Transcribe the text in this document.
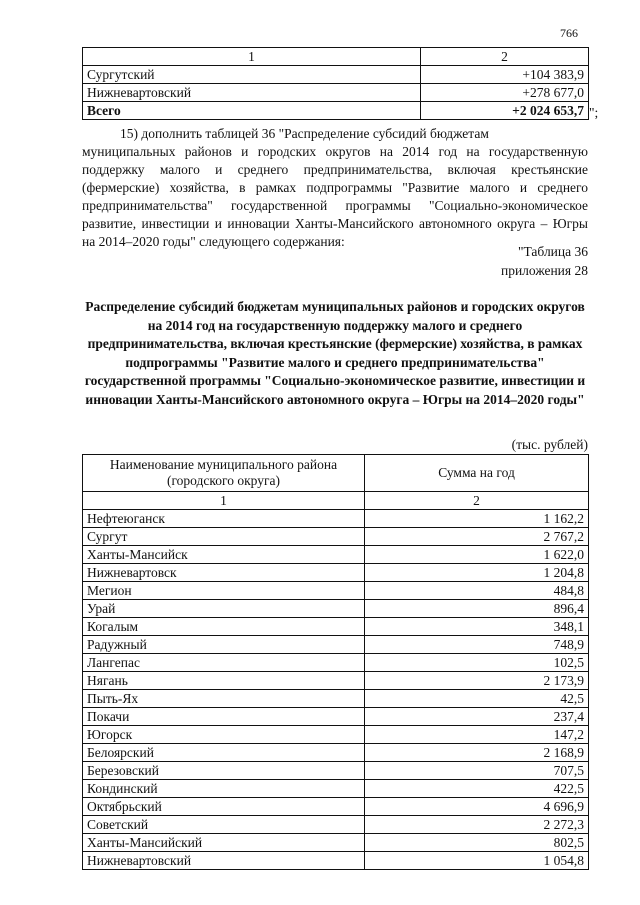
766
1	2
Сургутский	+104 383,9
Нижневартовский	+278 677,0
Всего	+2 024 653,7 ";

15) дополнить таблицей 36 "Распределение субсидий бюджетам

муниципальных районов и городских округов на 2014 год на государственную поддержку малого и среднего предпринимательства, включая крестьянские (фермерские) хозяйства, в рамках подпрограммы "Развитие малого и среднего предпринимательства" государственной программы "Социально-экономическое развитие, инвестиции и инновации Ханты-Мансийского автономного округа – Югры на 2014–2020 годы" следующего содержания:

"Таблица 36
приложения 28
Распределение субсидий бюджетам муниципальных районов и городских округов на 2014 год на государственную поддержку малого и среднего предпринимательства, включая крестьянские (фермерские) хозяйства, в рамках подпрограммы "Развитие малого и среднего предпринимательства" государственной программы "Социально-экономическое развитие, инвестиции и инновации Ханты-Мансийского автономного округа – Югры на 2014–2020 годы"
(тыс. рублей)
Наименование муниципального района (городского округа)	Сумма на год
1	2
Нефтеюганск	1 162,2
Сургут	2 767,2
Ханты-Мансийск	1 622,0
Нижневартовск	1 204,8
Мегион	484,8
Урай	896,4
Когалым	348,1
Радужный	748,9
Лангепас	102,5
Нягань	2 173,9
Пыть-Ях	42,5
Покачи	237,4
Югорск	147,2
Белоярский	2 168,9
Березовский	707,5
Кондинский	422,5
Октябрьский	4 696,9
Советский	2 272,3
Ханты-Мансийский	802,5
Нижневартовский	1 054,8
